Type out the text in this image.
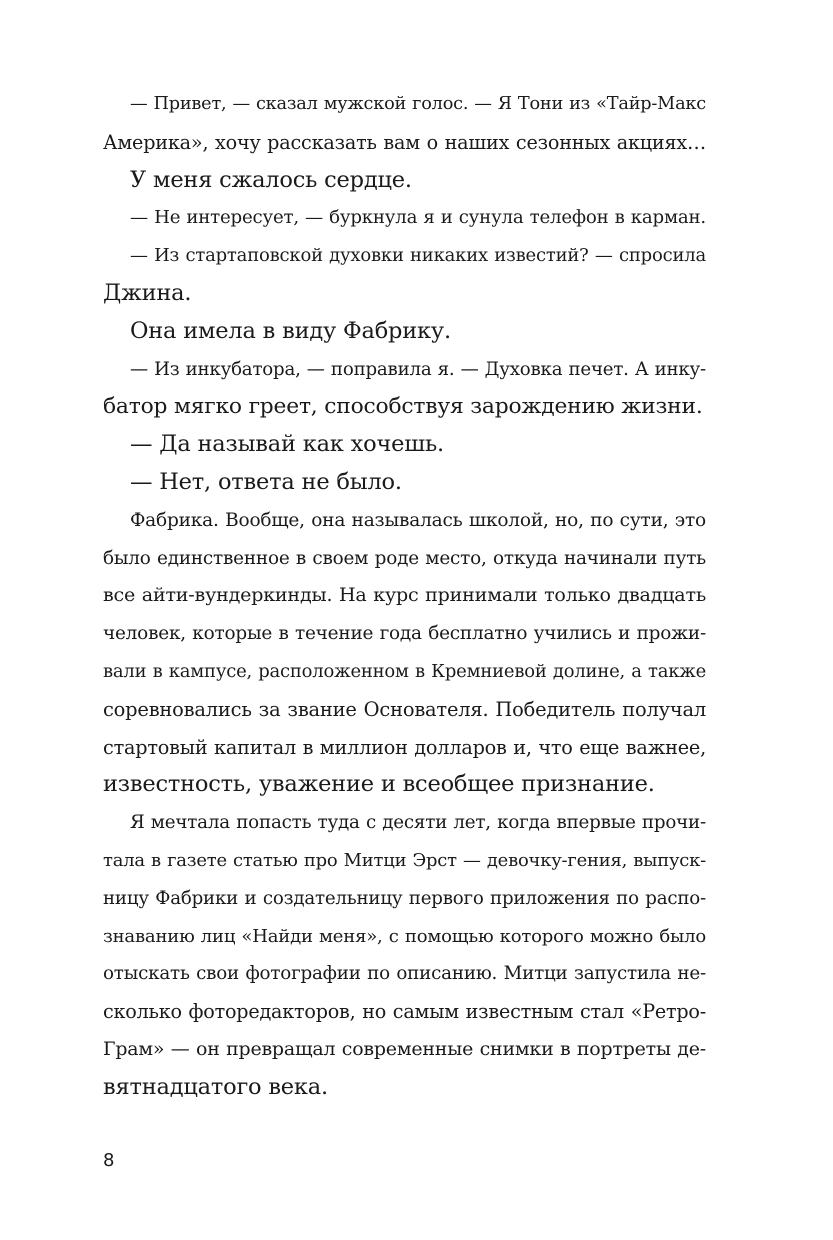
— Привет, — сказал мужской голос. — Я Тони из «Тайр-Макс
Америка», хочу рассказать вам о наших сезонных акциях…
У меня сжалось сердце.
— Не интересует, — буркнула я и сунула телефон в карман.
— Из стартаповской духовки никаких известий? — спросила
Джина.
Она имела в виду Фабрику.
— Из инкубатора, — поправила я. — Духовка печет. А инку-
батор мягко греет, способствуя зарождению жизни.
— Да называй как хочешь.
— Нет, ответа не было.
Фабрика. Вообще, она называлась школой, но, по сути, это
было единственное в своем роде место, откуда начинали путь
все айти-вундеркинды. На курс принимали только двадцать
человек, которые в течение года бесплатно учились и прожи-
вали в кампусе, расположенном в Кремниевой долине, а также
соревновались за звание Основателя. Победитель получал
стартовый капитал в миллион долларов и, что еще важнее,
известность, уважение и всеобщее признание.
Я мечтала попасть туда с десяти лет, когда впервые прочи-
тала в газете статью про Митци Эрст — девочку-гения, выпуск-
ницу Фабрики и создательницу первого приложения по распо-
знаванию лиц «Найди меня», с помощью которого можно было
отыскать свои фотографии по описанию. Митци запустила не-
сколько фоторедакторов, но самым известным стал «Ретро-
Грам» — он превращал современные снимки в портреты де-
вятнадцатого века.
8
